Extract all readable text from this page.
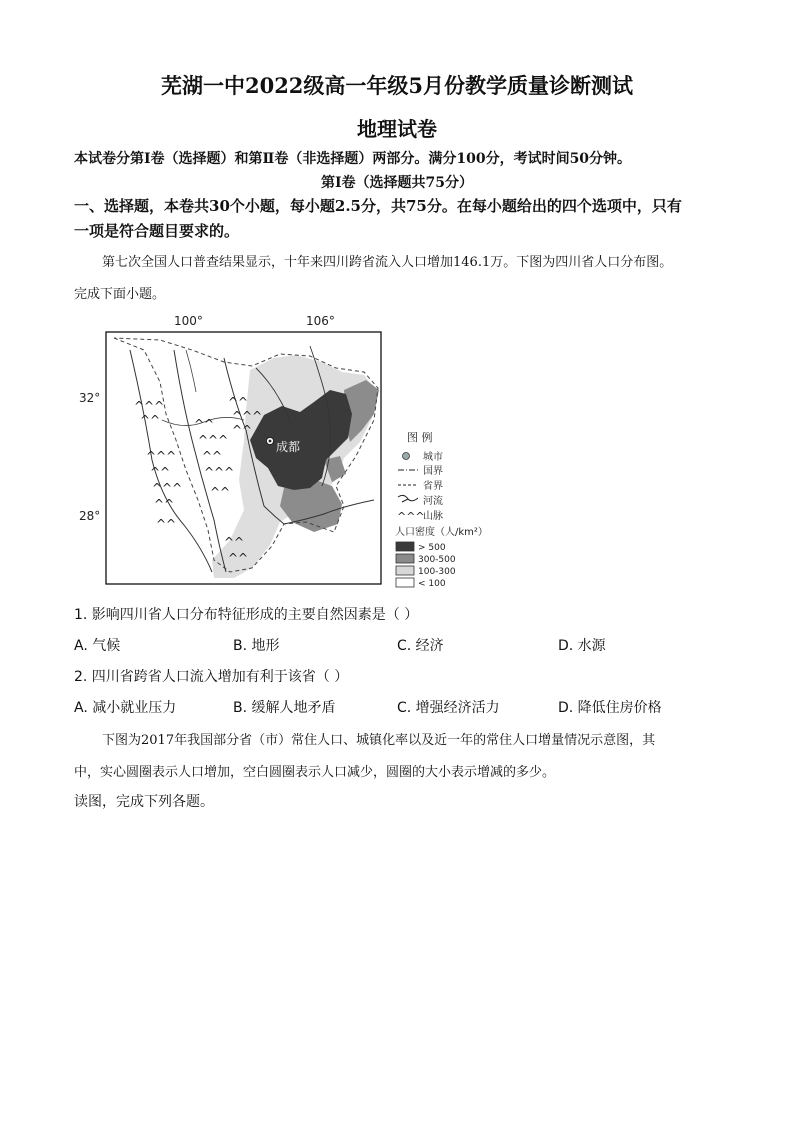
芜湖一中2022级高一年级5月份教学质量诊断测试
地理试卷
本试卷分第Ⅰ卷（选择题）和第Ⅱ卷（非选择题）两部分。满分100分，考试时间50分钟。
第Ⅰ卷（选择题共75分）
一、选择题，本卷共30个小题，每小题2.5分，共75分。在每小题给出的四个选项中，只有
一项是符合题目要求的。
第七次全国人口普查结果显示，十年来四川跨省流入人口增加146.1万。下图为四川省人口分布图。
完成下面小题。
100°	106°
32°
28°
^^^
^^
^^^
^^
^^^
^^
^^
^^
^^^
^^
^^^
^^
^^
^^
^^
^^^
^^
成都
图 例
城市
国界
省界
河流
^^^
山脉
人口密度（人/km²）
> 500
300-500
100-300
< 100
1. 影响四川省人口分布特征形成的主要自然因素是（ ）
A. 气候	B. 地形	C. 经济	D. 水源
2. 四川省跨省人口流入增加有利于该省（ ）
A. 减小就业压力	B. 缓解人地矛盾	C. 增强经济活力	D. 降低住房价格
下图为2017年我国部分省（市）常住人口、城镇化率以及近一年的常住人口增量情况示意图，其
中，实心圆圈表示人口增加，空白圆圈表示人口减少，圆圈的大小表示增减的多少。
读图，完成下列各题。
